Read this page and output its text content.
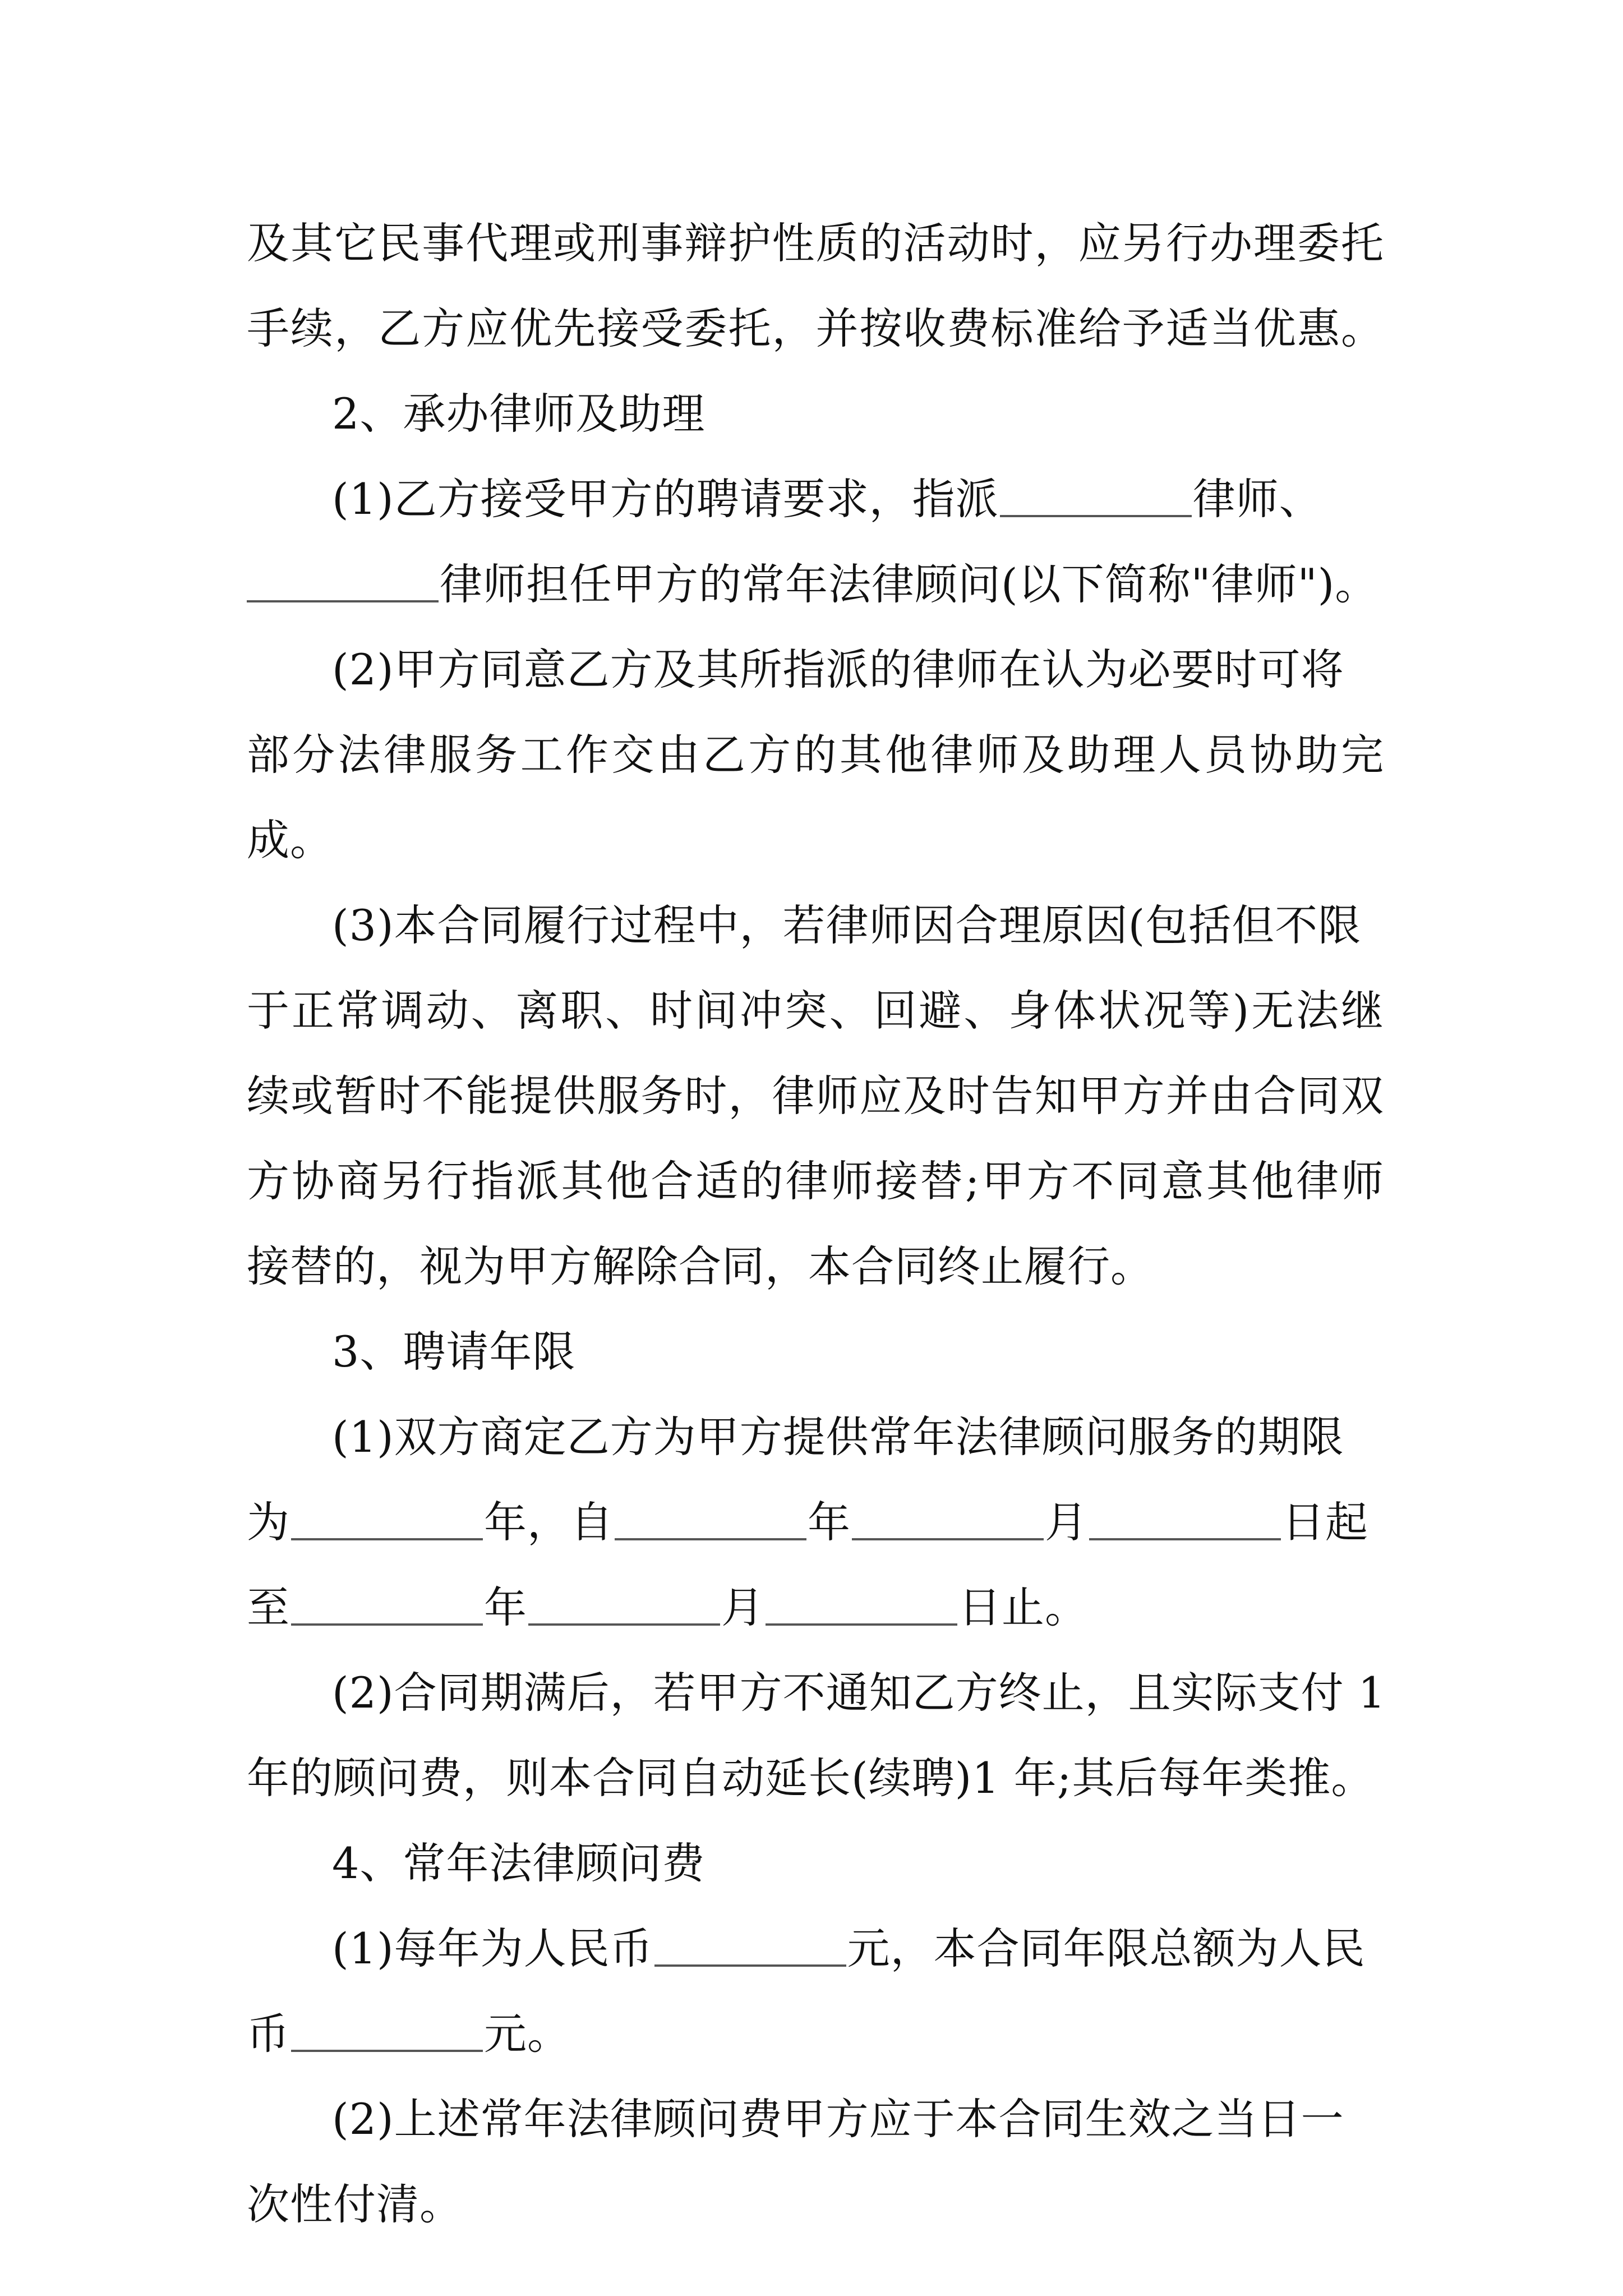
及其它民事代理或刑事辩护性质的活动时，应另行办理委托
手续，乙方应优先接受委托，并按收费标准给予适当优惠。
2、承办律师及助理
(1)乙方接受甲方的聘请要求，指派	律师、
律师担任甲方的常年法律顾问(以下简称"律师")。
(2)甲方同意乙方及其所指派的律师在认为必要时可将
部分法律服务工作交由乙方的其他律师及助理人员协助完
成。
(3)本合同履行过程中，若律师因合理原因(包括但不限
于正常调动、离职、时间冲突、回避、身体状况等)无法继
续或暂时不能提供服务时，律师应及时告知甲方并由合同双
方协商另行指派其他合适的律师接替;甲方不同意其他律师
接替的，视为甲方解除合同，本合同终止履行。
3、聘请年限
(1)双方商定乙方为甲方提供常年法律顾问服务的期限
为	年，自	年	月	日起
至	年	月	日止。
(2)合同期满后，若甲方不通知乙方终止，且实际支付 1
年的顾问费，则本合同自动延长(续聘)1 年;其后每年类推。
4、常年法律顾问费
(1)每年为人民币	元，本合同年限总额为人民
币	元。
(2)上述常年法律顾问费甲方应于本合同生效之当日一
次性付清。
